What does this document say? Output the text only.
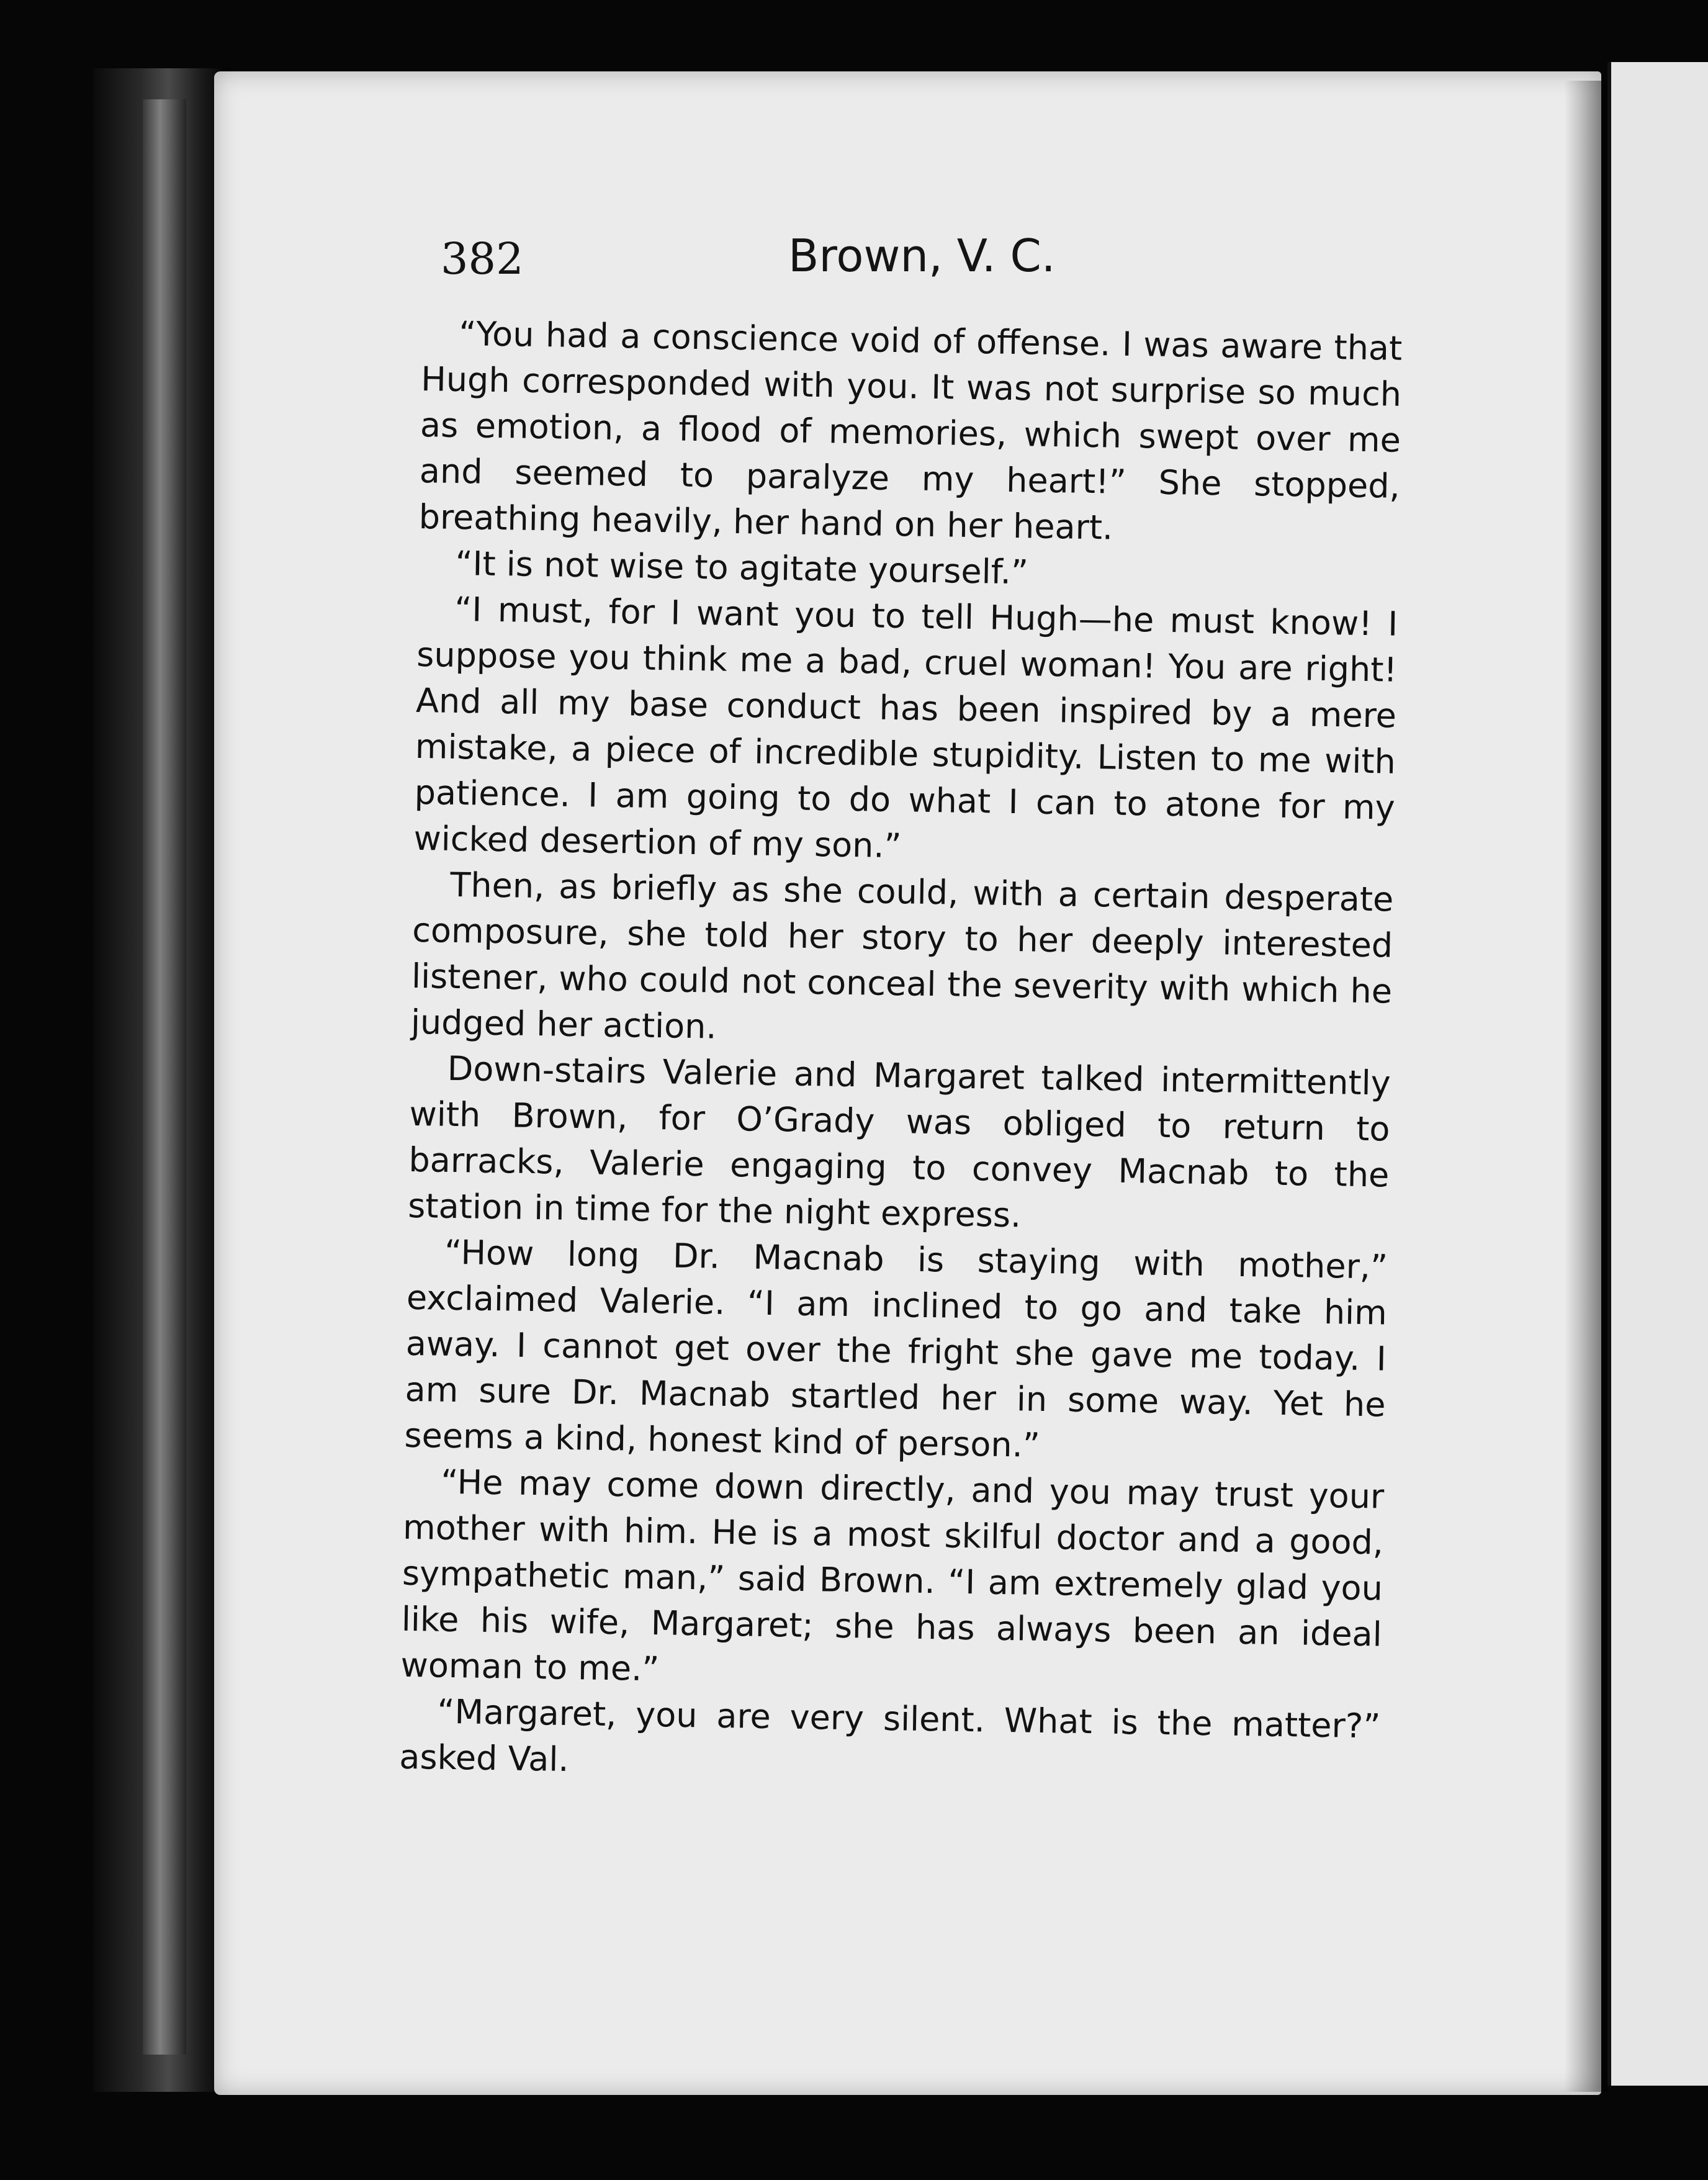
382	Brown, V. C.

“You had a conscience void of offense. I was aware that Hugh corresponded with you. It was not surprise so much as emotion, a flood of memories, which swept over me and seemed to paralyze my heart!” She stopped, breathing heavily, her hand on her heart.

“It is not wise to agitate yourself.”

“I must, for I want you to tell Hugh—he must know! I suppose you think me a bad, cruel woman! You are right! And all my base conduct has been inspired by a mere mistake, a piece of incredible stupidity. Listen to me with patience. I am going to do what I can to atone for my wicked desertion of my son.”

Then, as briefly as she could, with a certain desperate composure, she told her story to her deeply interested listener, who could not conceal the severity with which he judged her action.

Down-stairs Valerie and Margaret talked intermittently with Brown, for O’Grady was obliged to return to barracks, Valerie engaging to convey Macnab to the station in time for the night express.

“How long Dr. Macnab is staying with mother,” exclaimed Valerie. “I am inclined to go and take him away. I cannot get over the fright she gave me today. I am sure Dr. Macnab startled her in some way. Yet he seems a kind, honest kind of person.”

“He may come down directly, and you may trust your mother with him. He is a most skilful doctor and a good, sympathetic man,” said Brown. “I am extremely glad you like his wife, Margaret; she has always been an ideal woman to me.”

“Margaret, you are very silent. What is the matter?” asked Val.
